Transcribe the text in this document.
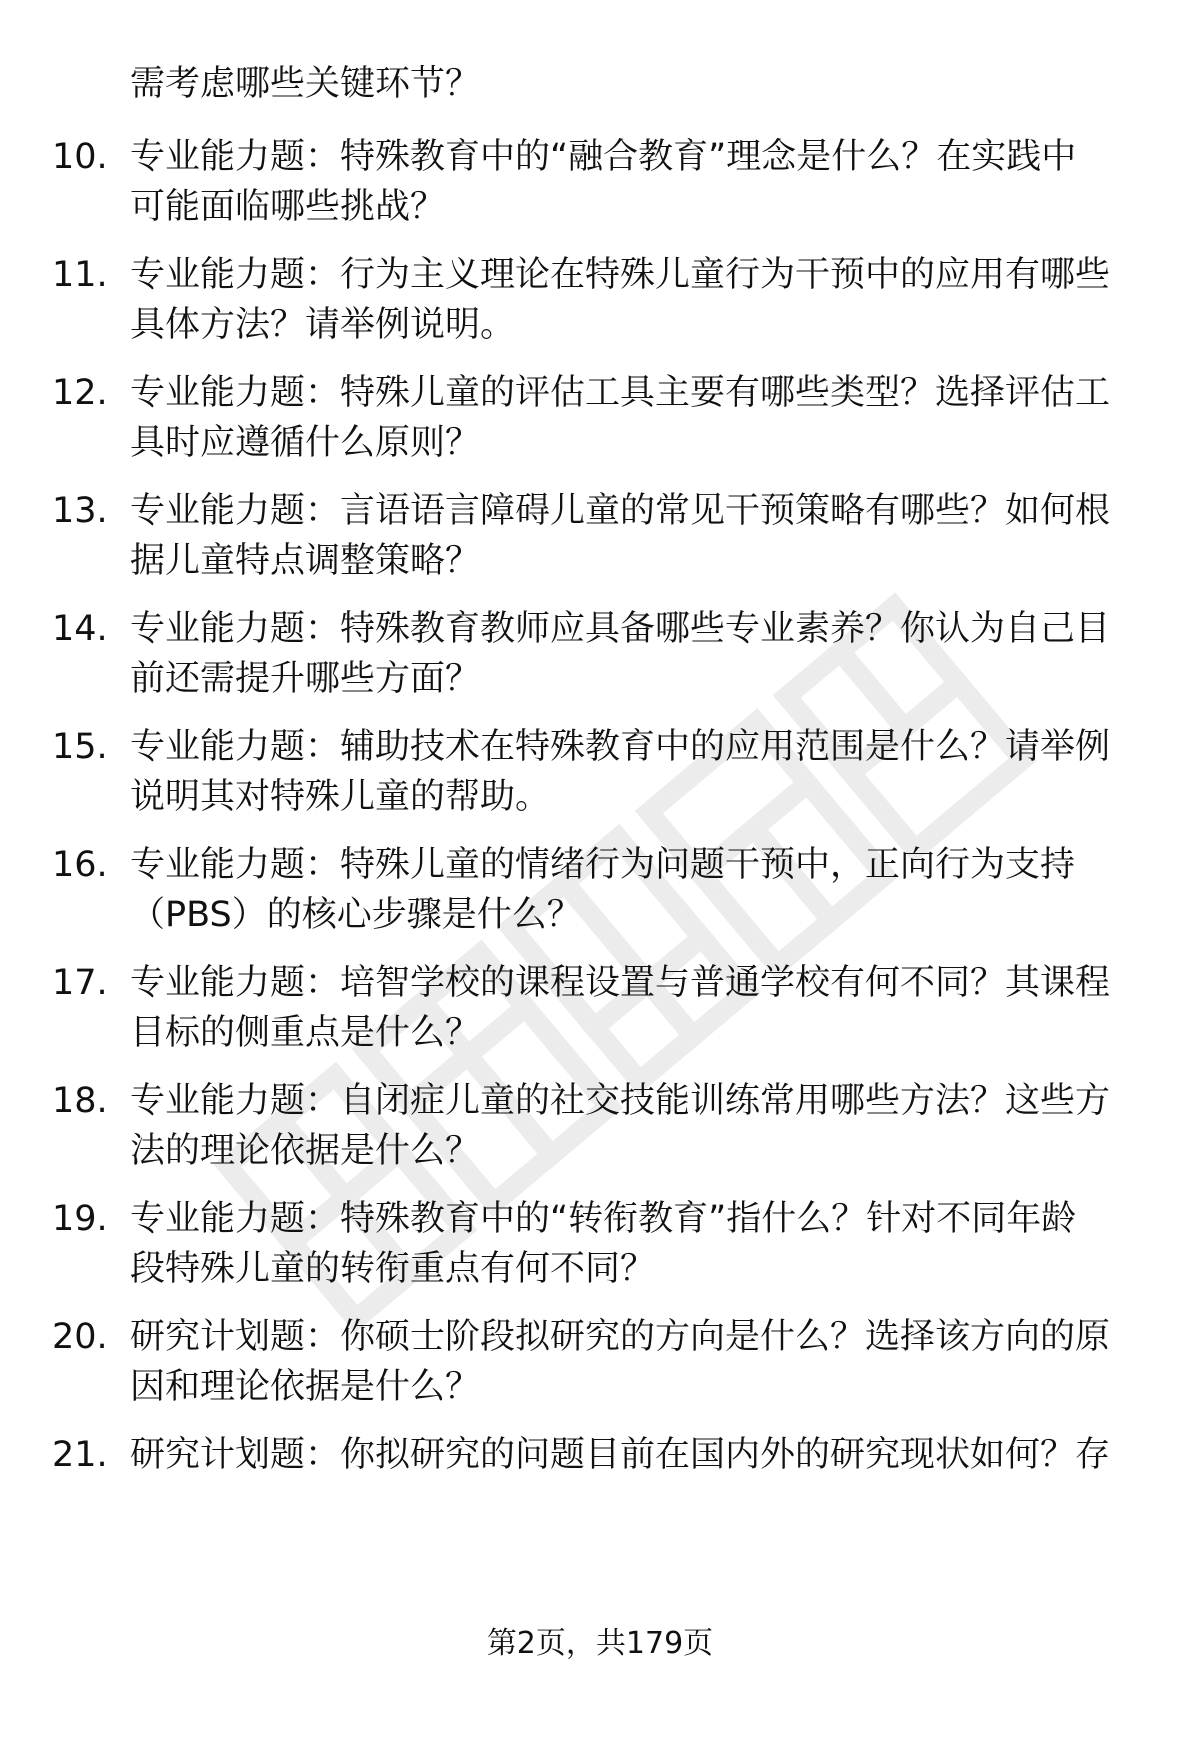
需考虑哪些关键环节？
10. 专业能力题：特殊教育中的“融合教育”理念是什么？在实践中
可能面临哪些挑战？
11. 专业能力题：行为主义理论在特殊儿童行为干预中的应用有哪些
具体方法？请举例说明。
12. 专业能力题：特殊儿童的评估工具主要有哪些类型？选择评估工
具时应遵循什么原则？
13. 专业能力题：言语语言障碍儿童的常见干预策略有哪些？如何根
据儿童特点调整策略？
14. 专业能力题：特殊教育教师应具备哪些专业素养？你认为自己目
前还需提升哪些方面？
15. 专业能力题：辅助技术在特殊教育中的应用范围是什么？请举例
说明其对特殊儿童的帮助。
16. 专业能力题：特殊儿童的情绪行为问题干预中，正向行为支持
（PBS）的核心步骤是什么？
17. 专业能力题：培智学校的课程设置与普通学校有何不同？其课程
目标的侧重点是什么？
18. 专业能力题：自闭症儿童的社交技能训练常用哪些方法？这些方
法的理论依据是什么？
19. 专业能力题：特殊教育中的“转衔教育”指什么？针对不同年龄
段特殊儿童的转衔重点有何不同？
20. 研究计划题：你硕士阶段拟研究的方向是什么？选择该方向的原
因和理论依据是什么？
21. 研究计划题：你拟研究的问题目前在国内外的研究现状如何？存
第2页，共179页
